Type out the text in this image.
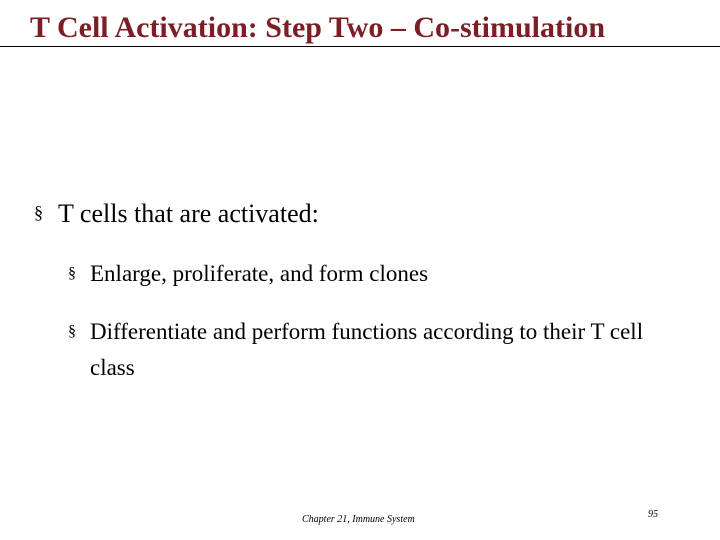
T Cell Activation: Step Two – Co-stimulation
§ T cells that are activated:
§ Enlarge, proliferate, and form clones
§ Differentiate and perform functions according to their T cell class
Chapter 21, Immune System	95
